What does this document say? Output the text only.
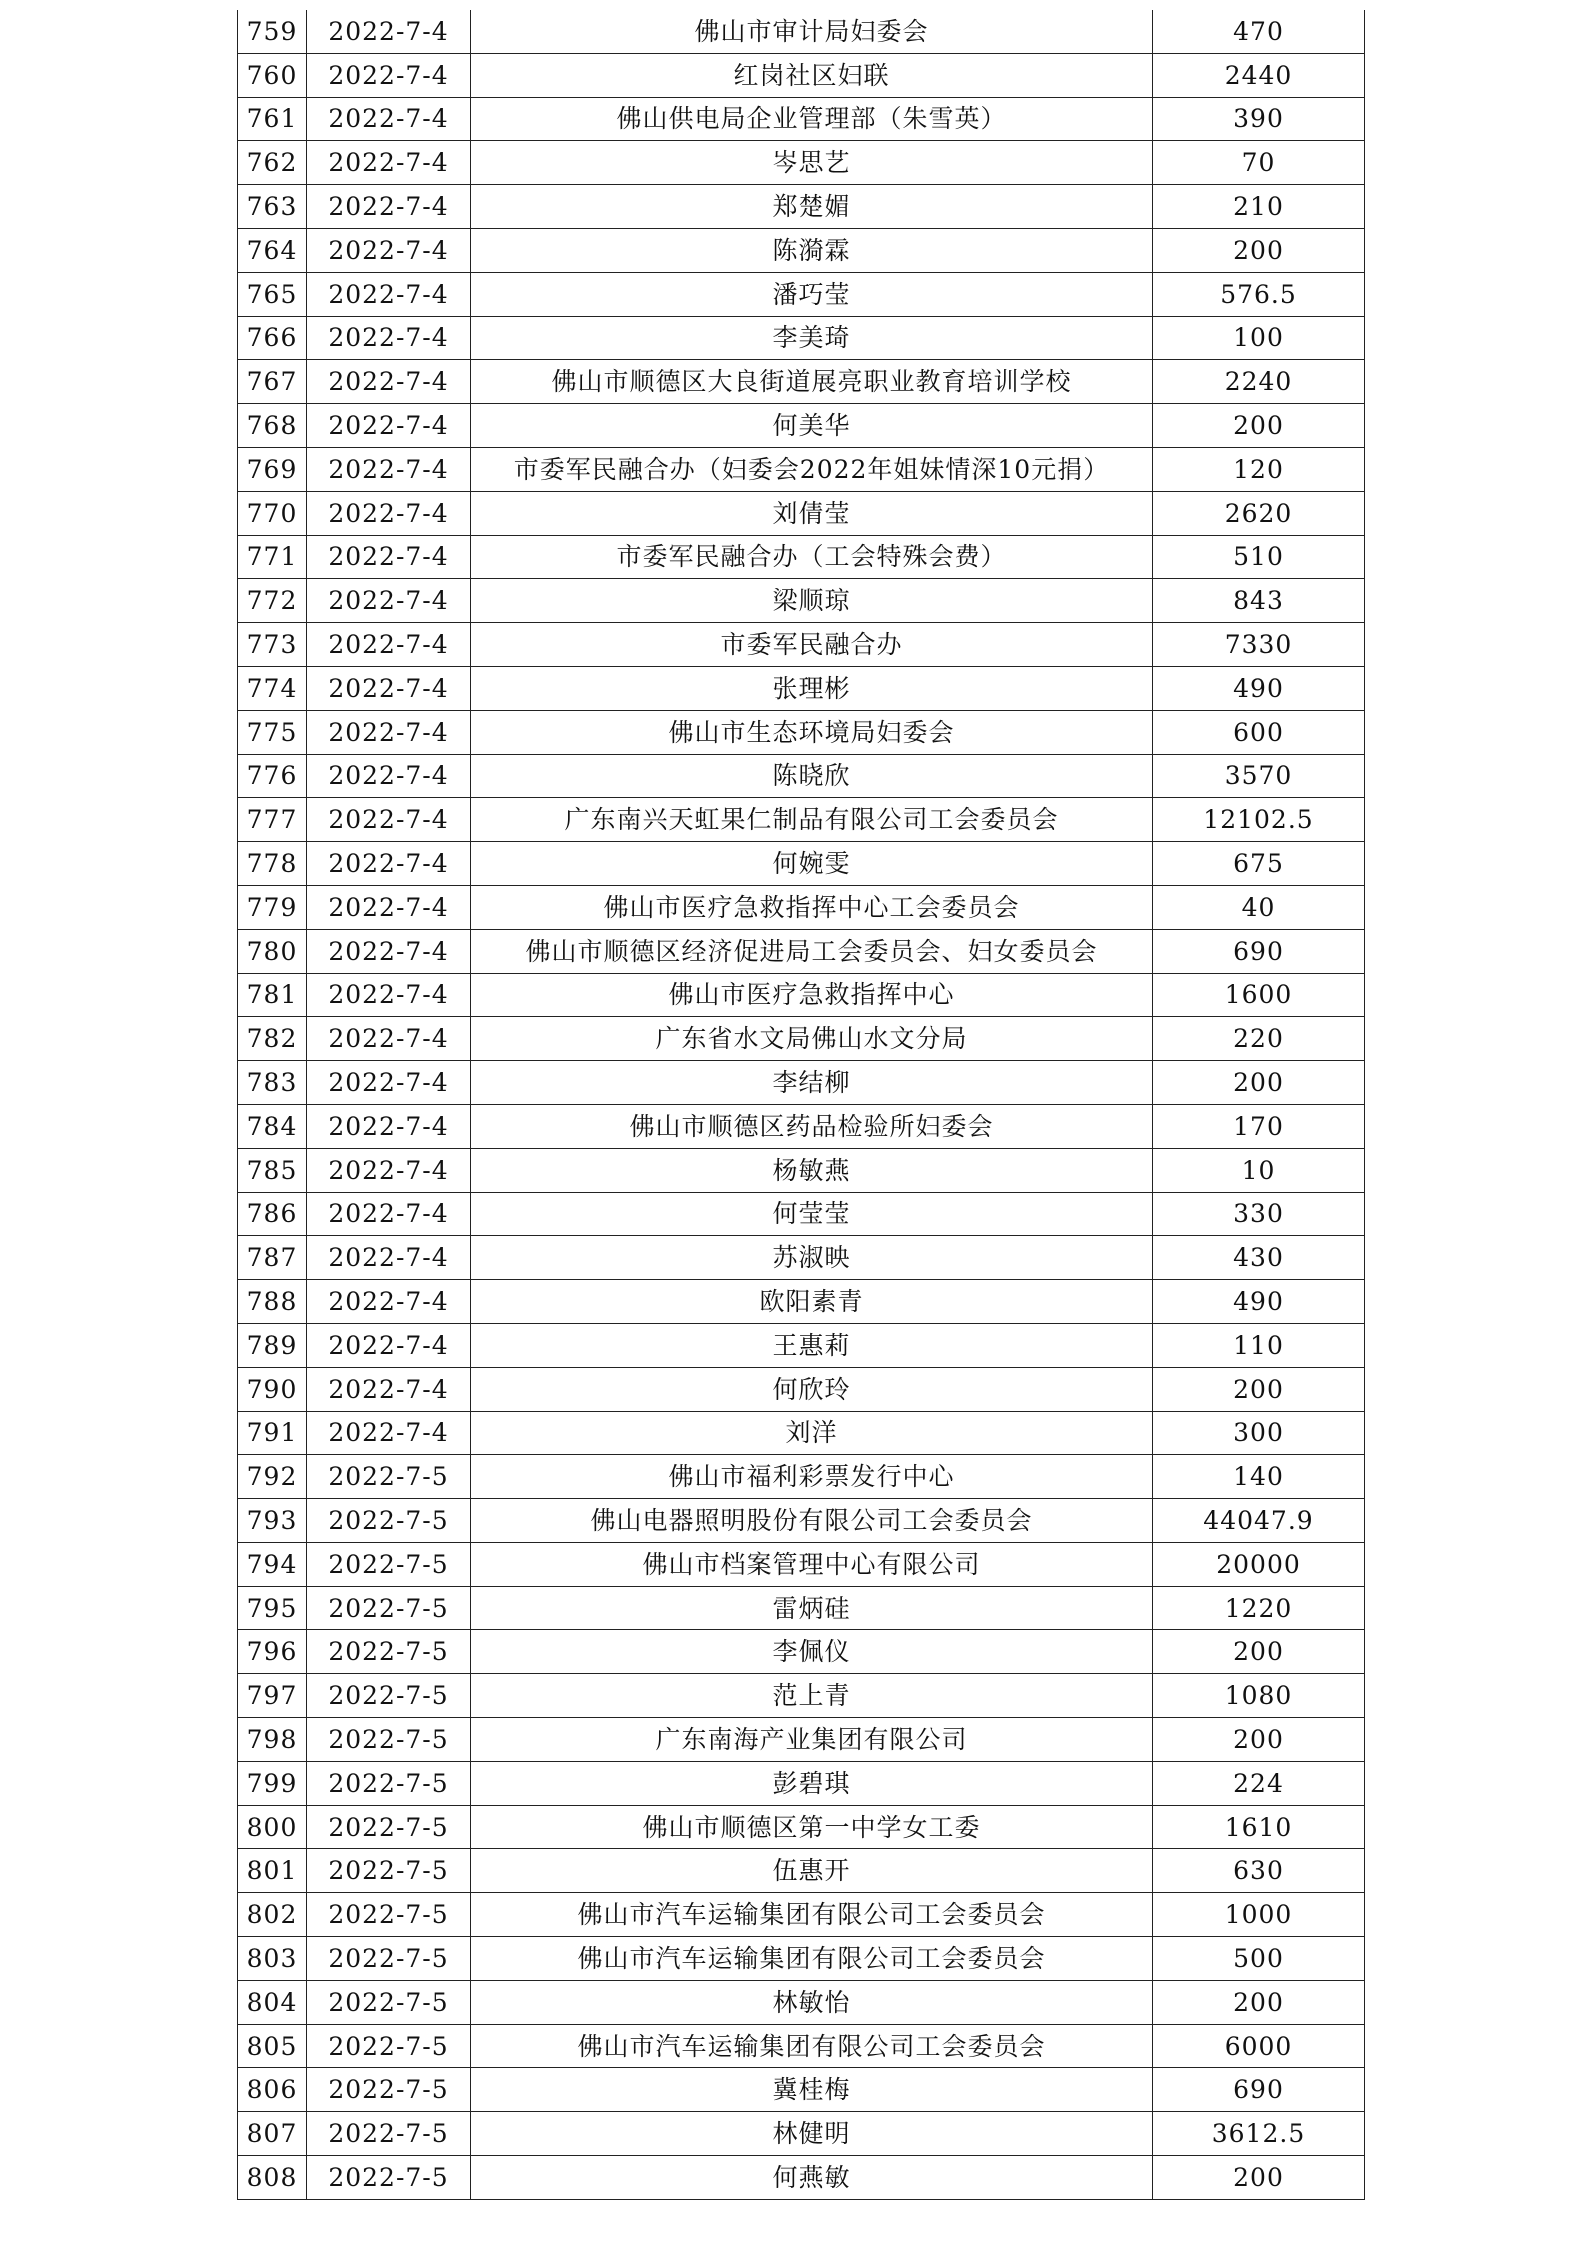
759	2022-7-4	佛山市审计局妇委会	470
760	2022-7-4	红岗社区妇联	2440
761	2022-7-4	佛山供电局企业管理部（朱雪英）	390
762	2022-7-4	岑思艺	70
763	2022-7-4	郑楚媚	210
764	2022-7-4	陈漪霖	200
765	2022-7-4	潘巧莹	576.5
766	2022-7-4	李美琦	100
767	2022-7-4	佛山市顺德区大良街道展亮职业教育培训学校	2240
768	2022-7-4	何美华	200
769	2022-7-4	市委军民融合办（妇委会2022年姐妹情深10元捐）	120
770	2022-7-4	刘倩莹	2620
771	2022-7-4	市委军民融合办（工会特殊会费）	510
772	2022-7-4	梁顺琼	843
773	2022-7-4	市委军民融合办	7330
774	2022-7-4	张理彬	490
775	2022-7-4	佛山市生态环境局妇委会	600
776	2022-7-4	陈晓欣	3570
777	2022-7-4	广东南兴天虹果仁制品有限公司工会委员会	12102.5
778	2022-7-4	何婉雯	675
779	2022-7-4	佛山市医疗急救指挥中心工会委员会	40
780	2022-7-4	佛山市顺德区经济促进局工会委员会、妇女委员会	690
781	2022-7-4	佛山市医疗急救指挥中心	1600
782	2022-7-4	广东省水文局佛山水文分局	220
783	2022-7-4	李结柳	200
784	2022-7-4	佛山市顺德区药品检验所妇委会	170
785	2022-7-4	杨敏燕	10
786	2022-7-4	何莹莹	330
787	2022-7-4	苏淑映	430
788	2022-7-4	欧阳素青	490
789	2022-7-4	王惠莉	110
790	2022-7-4	何欣玲	200
791	2022-7-4	刘洋	300
792	2022-7-5	佛山市福利彩票发行中心	140
793	2022-7-5	佛山电器照明股份有限公司工会委员会	44047.9
794	2022-7-5	佛山市档案管理中心有限公司	20000
795	2022-7-5	雷炳硅	1220
796	2022-7-5	李佩仪	200
797	2022-7-5	范上青	1080
798	2022-7-5	广东南海产业集团有限公司	200
799	2022-7-5	彭碧琪	224
800	2022-7-5	佛山市顺德区第一中学女工委	1610
801	2022-7-5	伍惠开	630
802	2022-7-5	佛山市汽车运输集团有限公司工会委员会	1000
803	2022-7-5	佛山市汽车运输集团有限公司工会委员会	500
804	2022-7-5	林敏怡	200
805	2022-7-5	佛山市汽车运输集团有限公司工会委员会	6000
806	2022-7-5	冀桂梅	690
807	2022-7-5	林健明	3612.5
808	2022-7-5	何燕敏	200
